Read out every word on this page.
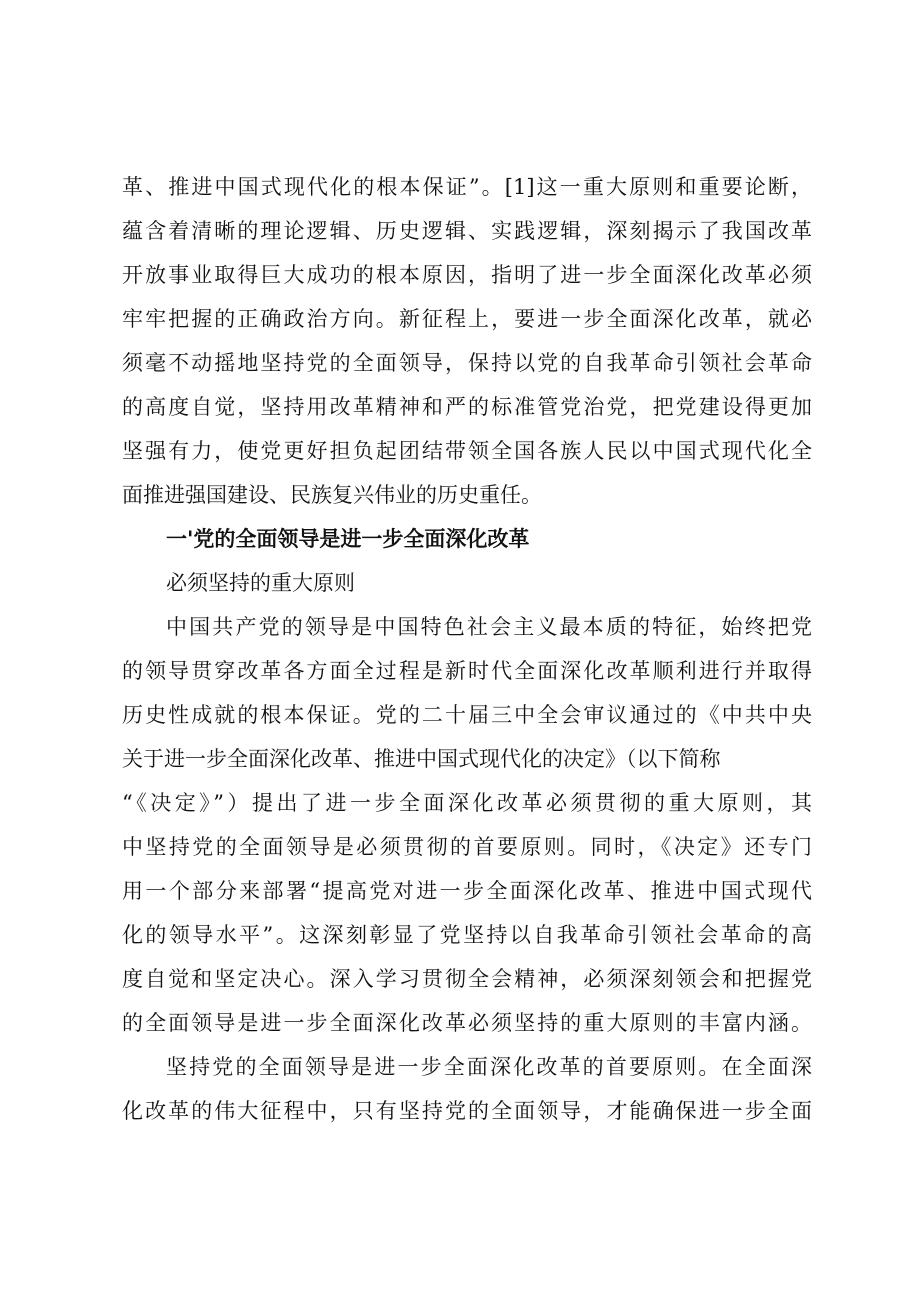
革、推进中国式现代化的根本保证”。[1]这一重大原则和重要论断，
蕴含着清晰的理论逻辑、历史逻辑、实践逻辑，深刻揭示了我国改革
开放事业取得巨大成功的根本原因，指明了进一步全面深化改革必须
牢牢把握的正确政治方向。新征程上，要进一步全面深化改革，就必
须毫不动摇地坚持党的全面领导，保持以党的自我革命引领社会革命
的高度自觉，坚持用改革精神和严的标准管党治党，把党建设得更加
坚强有力，使党更好担负起团结带领全国各族人民以中国式现代化全
面推进强国建设、民族复兴伟业的历史重任。
一'党的全面领导是进一步全面深化改革
必须坚持的重大原则
中国共产党的领导是中国特色社会主义最本质的特征，始终把党
的领导贯穿改革各方面全过程是新时代全面深化改革顺利进行并取得
历史性成就的根本保证。党的二十届三中全会审议通过的《中共中央
关于进一步全面深化改革、推进中国式现代化的决定》（以下简称
“《决定》”）提出了进一步全面深化改革必须贯彻的重大原则，其
中坚持党的全面领导是必须贯彻的首要原则。同时，《决定》还专门
用一个部分来部署“提高党对进一步全面深化改革、推进中国式现代
化的领导水平”。这深刻彰显了党坚持以自我革命引领社会革命的高
度自觉和坚定决心。深入学习贯彻全会精神，必须深刻领会和把握党
的全面领导是进一步全面深化改革必须坚持的重大原则的丰富内涵。
坚持党的全面领导是进一步全面深化改革的首要原则。在全面深
化改革的伟大征程中，只有坚持党的全面领导，才能确保进一步全面
